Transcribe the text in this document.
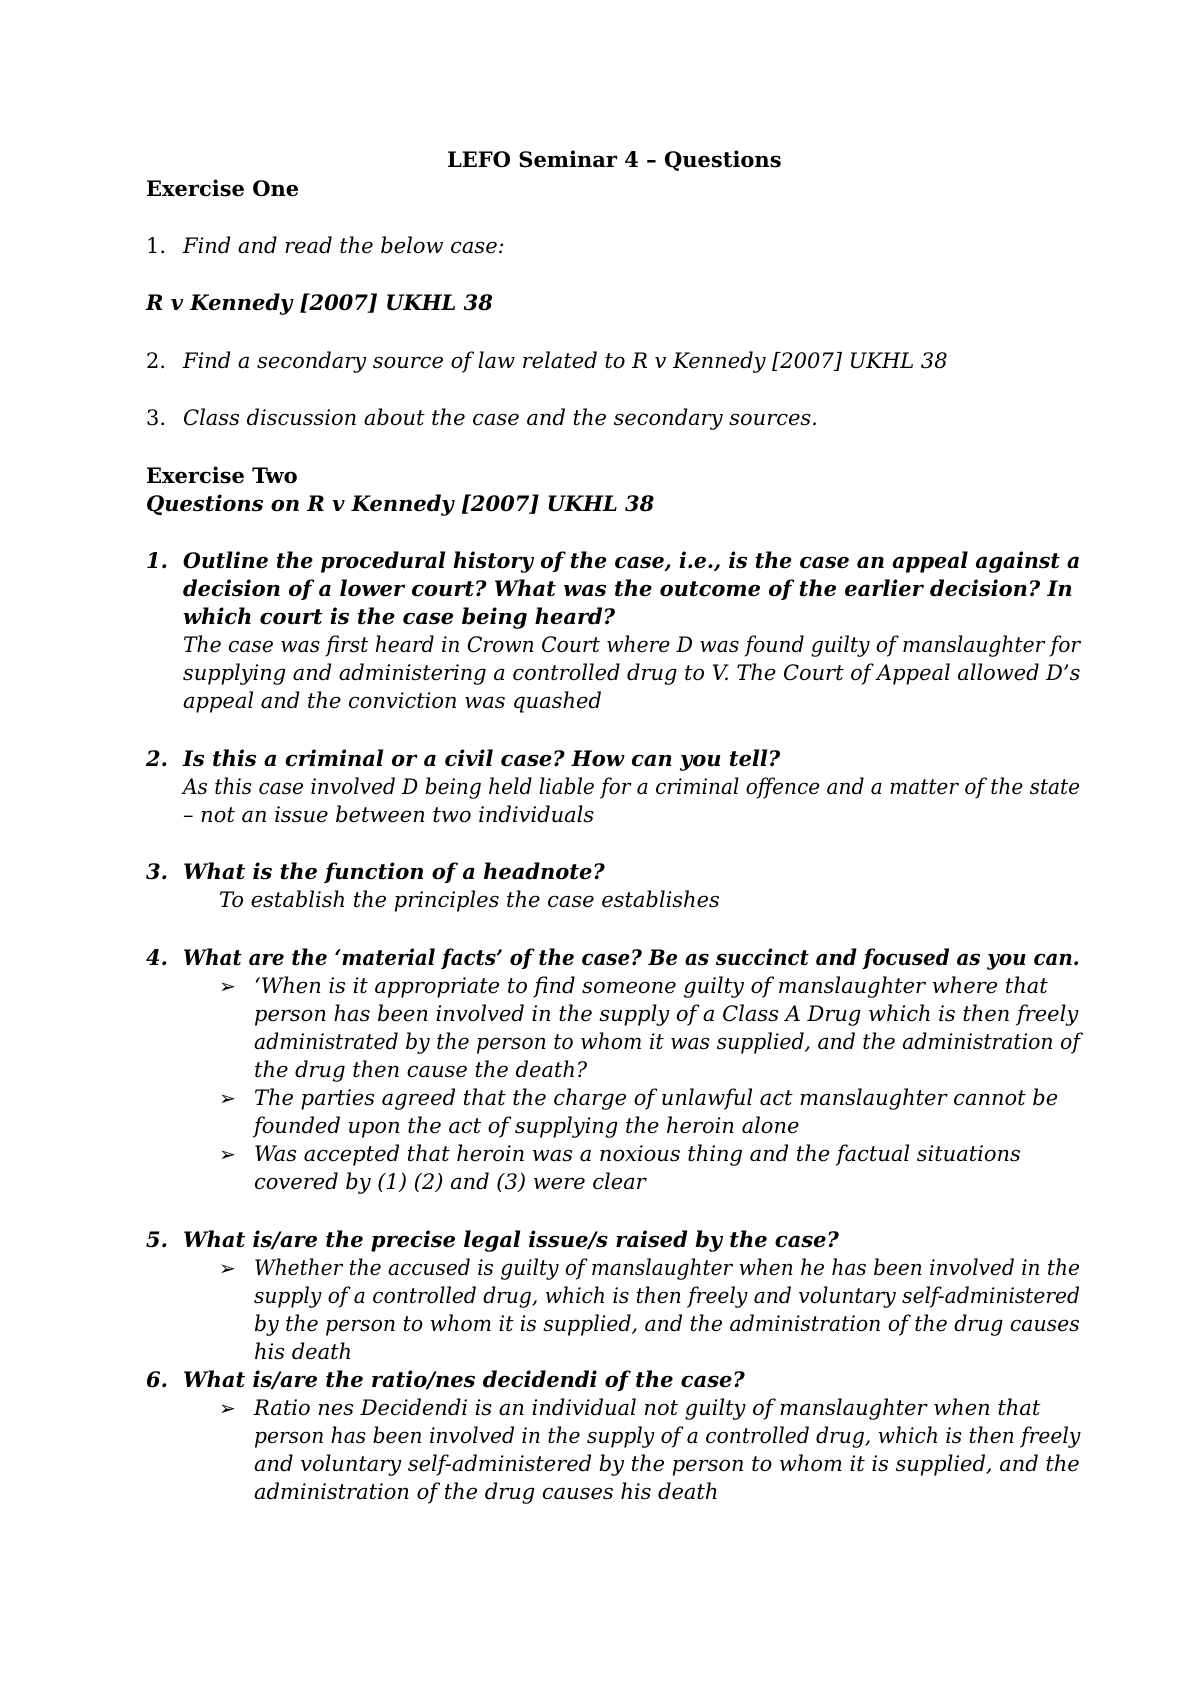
LEFO Seminar 4 – Questions
Exercise One
1. Find and read the below case:
R v Kennedy [2007] UKHL 38
2. Find a secondary source of law related to R v Kennedy [2007] UKHL 38
3. Class discussion about the case and the secondary sources.
Exercise Two
Questions on R v Kennedy [2007] UKHL 38
1. Outline the procedural history of the case, i.e., is the case an appeal against a
decision of a lower court? What was the outcome of the earlier decision? In
which court is the case being heard?
The case was first heard in Crown Court where D was found guilty of manslaughter for
supplying and administering a controlled drug to V. The Court of Appeal allowed D’s
appeal and the conviction was quashed
2. Is this a criminal or a civil case? How can you tell?
As this case involved D being held liable for a criminal offence and a matter of the state
– not an issue between two individuals
3. What is the function of a headnote?
To establish the principles the case establishes
4. What are the ‘material facts’ of the case? Be as succinct and focused as you can.
➢ ‘When is it appropriate to find someone guilty of manslaughter where that
person has been involved in the supply of a Class A Drug which is then freely
administrated by the person to whom it was supplied, and the administration of
the drug then cause the death?
➢ The parties agreed that the charge of unlawful act manslaughter cannot be
founded upon the act of supplying the heroin alone
➢ Was accepted that heroin was a noxious thing and the factual situations
covered by (1) (2) and (3) were clear
5. What is/are the precise legal issue/s raised by the case?
➢ Whether the accused is guilty of manslaughter when he has been involved in the
supply of a controlled drug, which is then freely and voluntary self-administered
by the person to whom it is supplied, and the administration of the drug causes
his death
6. What is/are the ratio/nes decidendi of the case?
➢ Ratio nes Decidendi is an individual not guilty of manslaughter when that
person has been involved in the supply of a controlled drug, which is then freely
and voluntary self-administered by the person to whom it is supplied, and the
administration of the drug causes his death
